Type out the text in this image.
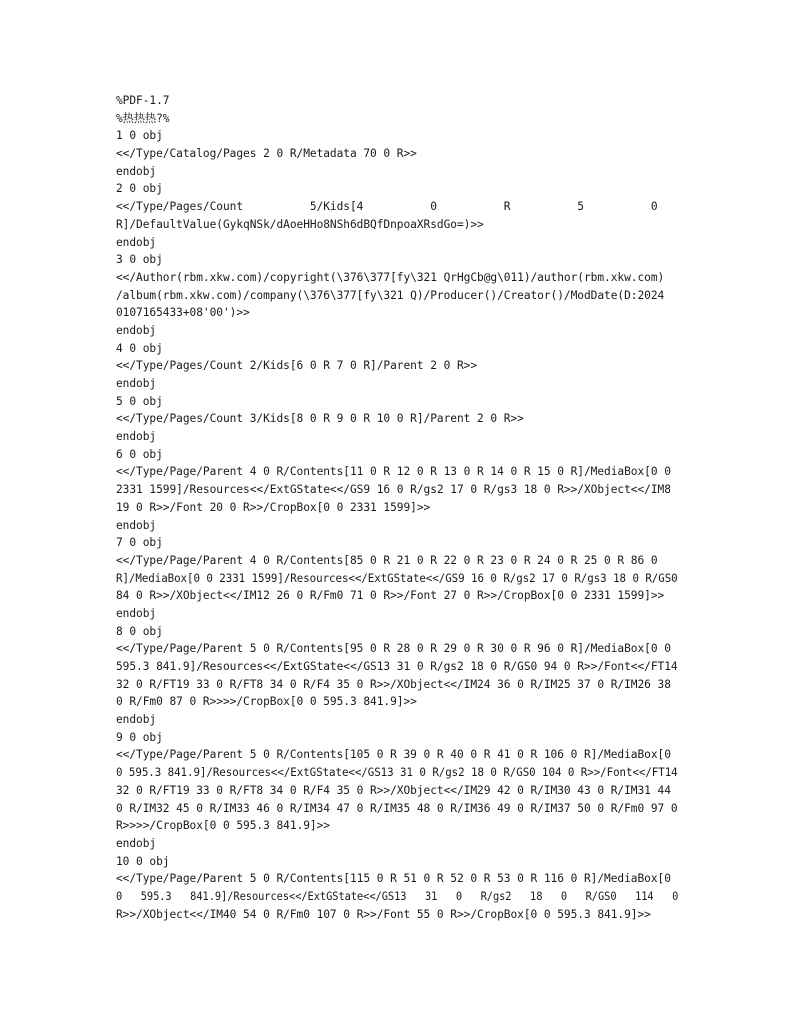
%PDF-1.7
%热热热?%
1 0 obj
<</Type/Catalog/Pages 2 0 R/Metadata 70 0 R>>
endobj
2 0 obj
<</Type/Pages/Count          5/Kids[4          0          R          5          0
R]/DefaultValue(GykqNSk/dAoeHHo8NSh6dBQfDnpoaXRsdGo=)>>
endobj
3 0 obj
<</Author(rbm.xkw.com)/copyright(\376\377[fy\321 QrHgCb@g\011)/author(rbm.xkw.com)
/album(rbm.xkw.com)/company(\376\377[fy\321 Q)/Producer()/Creator()/ModDate(D:2024
0107165433+08'00')>>
endobj
4 0 obj
<</Type/Pages/Count 2/Kids[6 0 R 7 0 R]/Parent 2 0 R>>
endobj
5 0 obj
<</Type/Pages/Count 3/Kids[8 0 R 9 0 R 10 0 R]/Parent 2 0 R>>
endobj
6 0 obj
<</Type/Page/Parent 4 0 R/Contents[11 0 R 12 0 R 13 0 R 14 0 R 15 0 R]/MediaBox[0 0
2331 1599]/Resources<</ExtGState<</GS9 16 0 R/gs2 17 0 R/gs3 18 0 R>>/XObject<</IM8
19 0 R>>/Font 20 0 R>>/CropBox[0 0 2331 1599]>>
endobj
7 0 obj
<</Type/Page/Parent 4 0 R/Contents[85 0 R 21 0 R 22 0 R 23 0 R 24 0 R 25 0 R 86 0
R]/MediaBox[0 0 2331 1599]/Resources<</ExtGState<</GS9 16 0 R/gs2 17 0 R/gs3 18 0 R/GS0
84 0 R>>/XObject<</IM12 26 0 R/Fm0 71 0 R>>/Font 27 0 R>>/CropBox[0 0 2331 1599]>>
endobj
8 0 obj
<</Type/Page/Parent 5 0 R/Contents[95 0 R 28 0 R 29 0 R 30 0 R 96 0 R]/MediaBox[0 0
595.3 841.9]/Resources<</ExtGState<</GS13 31 0 R/gs2 18 0 R/GS0 94 0 R>>/Font<</FT14
32 0 R/FT19 33 0 R/FT8 34 0 R/F4 35 0 R>>/XObject<</IM24 36 0 R/IM25 37 0 R/IM26 38
0 R/Fm0 87 0 R>>>>/CropBox[0 0 595.3 841.9]>>
endobj
9 0 obj
<</Type/Page/Parent 5 0 R/Contents[105 0 R 39 0 R 40 0 R 41 0 R 106 0 R]/MediaBox[0
0 595.3 841.9]/Resources<</ExtGState<</GS13 31 0 R/gs2 18 0 R/GS0 104 0 R>>/Font<</FT14
32 0 R/FT19 33 0 R/FT8 34 0 R/F4 35 0 R>>/XObject<</IM29 42 0 R/IM30 43 0 R/IM31 44
0 R/IM32 45 0 R/IM33 46 0 R/IM34 47 0 R/IM35 48 0 R/IM36 49 0 R/IM37 50 0 R/Fm0 97 0
R>>>>/CropBox[0 0 595.3 841.9]>>
endobj
10 0 obj
<</Type/Page/Parent 5 0 R/Contents[115 0 R 51 0 R 52 0 R 53 0 R 116 0 R]/MediaBox[0
0   595.3   841.9]/Resources<</ExtGState<</GS13   31   0   R/gs2   18   0   R/GS0   114   0
R>>/XObject<</IM40 54 0 R/Fm0 107 0 R>>/Font 55 0 R>>/CropBox[0 0 595.3 841.9]>>
